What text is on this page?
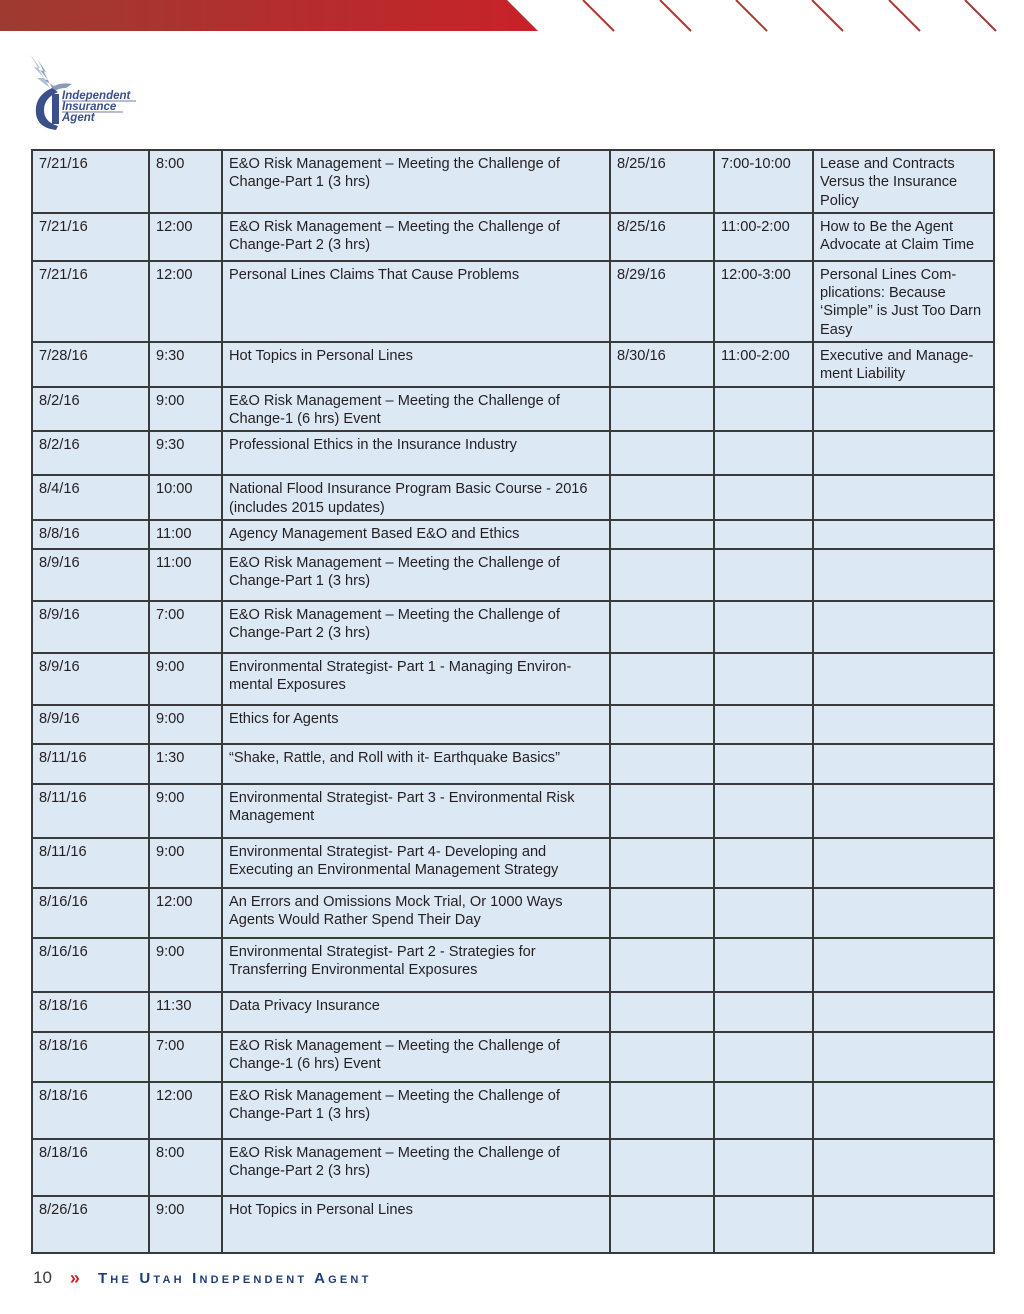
Independent
Insurance
Agent
7/21/16	8:00	E&O Risk Management – Meeting the Challenge of Change-Part 1 (3 hrs)	8/25/16	7:00-10:00	Lease and Contracts Versus the Insurance Policy
7/21/16	12:00	E&O Risk Management – Meeting the Challenge of Change-Part 2 (3 hrs)	8/25/16	11:00-2:00	How to Be the Agent Advocate at Claim Time
7/21/16	12:00	Personal Lines Claims That Cause Problems	8/29/16	12:00-3:00	Personal Lines Com-plications: Because ‘Simple” is Just Too Darn Easy
7/28/16	9:30	Hot Topics in Personal Lines	8/30/16	11:00-2:00	Executive and Manage-ment Liability
8/2/16	9:00	E&O Risk Management – Meeting the Challenge of Change-1 (6 hrs) Event			
8/2/16	9:30	Professional Ethics in the Insurance Industry			
8/4/16	10:00	National Flood Insurance Program Basic Course - 2016 (includes 2015 updates)			
8/8/16	11:00	Agency Management Based E&O and Ethics			
8/9/16	11:00	E&O Risk Management – Meeting the Challenge of Change-Part 1 (3 hrs)			
8/9/16	7:00	E&O Risk Management – Meeting the Challenge of Change-Part 2 (3 hrs)			
8/9/16	9:00	Environmental Strategist- Part 1 - Managing Environ-mental Exposures			
8/9/16	9:00	Ethics for Agents			
8/11/16	1:30	“Shake, Rattle, and Roll with it- Earthquake Basics”			
8/11/16	9:00	Environmental Strategist- Part 3 - Environmental Risk Management			
8/11/16	9:00	Environmental Strategist- Part 4- Developing and Executing an Environmental Management Strategy			
8/16/16	12:00	An Errors and Omissions Mock Trial, Or 1000 Ways Agents Would Rather Spend Their Day			
8/16/16	9:00	Environmental Strategist- Part 2 - Strategies for Transferring Environmental Exposures			
8/18/16	11:30	Data Privacy Insurance			
8/18/16	7:00	E&O Risk Management – Meeting the Challenge of Change-1 (6 hrs) Event			
8/18/16	12:00	E&O Risk Management – Meeting the Challenge of Change-Part 1 (3 hrs)			
8/18/16	8:00	E&O Risk Management – Meeting the Challenge of Change-Part 2 (3 hrs)			
8/26/16	9:00	Hot Topics in Personal Lines			
10 » The Utah Independent Agent
